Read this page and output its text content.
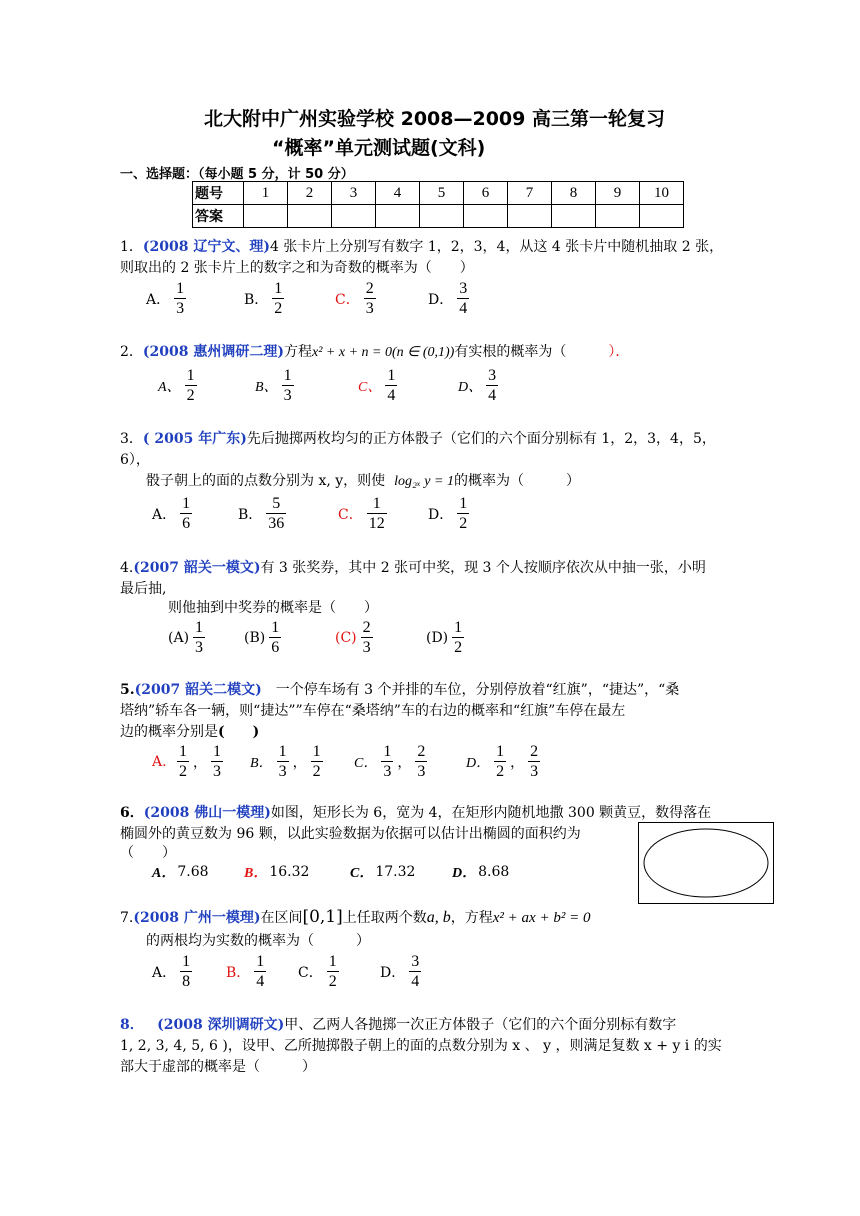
北大附中广州实验学校 2008—2009 高三第一轮复习
“概率”单元测试题(文科)
一、选择题：（每小题 5 分，计 50 分）
题号	1	2	3	4	5	6	7	8	9	10
答案										
1．(2008 辽宁文、理)4 张卡片上分别写有数字 1，2，3，4，从这 4 张卡片中随机抽取 2 张，
则取出的 2 张卡片上的数字之和为奇数的概率为（　　）
A． $\frac{1}{3}$	B． $\frac{1}{2}$	C． $\frac{2}{3}$	D． $\frac{3}{4}$
2．(2008 惠州调研二理)方程x² + x + n = 0(n ∈ (0,1))有实根的概率为（	）．
A、 $\frac{1}{2}$	B、 $\frac{1}{3}$	C、 $\frac{1}{4}$	D、 $\frac{3}{4}$
3．( 2005 年广东)先后抛掷两枚均匀的正方体骰子（它们的六个面分别标有 1，2，3，4，5，
6），
骰子朝上的面的点数分别为 x, y，则使 log₂ₓ y = 1的概率为（　　　）
A． $\frac{1}{6}$	B． $\frac{5}{36}$	C． $\frac{1}{12}$	D． $\frac{1}{2}$
4.(2007 韶关一模文)有 3 张奖券，其中 2 张可中奖，现 3 个人按顺序依次从中抽一张，小明
最后抽,
则他抽到中奖券的概率是（　　）
$(A) \frac{1}{3}$	$(B) \frac{1}{6}$	$(C) \frac{2}{3}$	$(D) \frac{1}{2}$
5.(2007 韶关二模文)　一个停车场有 3 个并排的车位，分别停放着“红旗”，“捷达”，“桑
塔纳”轿车各一辆，则“捷达””车停在“桑塔纳”车的右边的概率和“红旗”车停在最左
边的概率分别是(　　)
A.
$\frac{1}{2}$ ， $\frac{1}{3}$ B． $\frac{1}{3}$ ， $\frac{1}{2}$ C． $\frac{1}{3}$ ， $\frac{2}{3}$	D． $\frac{1}{2}$ ， $\frac{2}{3}$
6．(2008 佛山一模理)如图，矩形长为 6，宽为 4，在矩形内随机地撒 300 颗黄豆，数得落在
椭圆外的黄豆数为 96 颗，以此实验数据为依据可以估计出椭圆的面积约为
（　　）
A． 7.68	B． 16.32	C． 17.32	D． 8.68
7.(2008 广州一模理)在区间[0,1]上任取两个数a, b，方程x² + ax + b² = 0
的两根均为实数的概率为（　　　）
A． $\frac{1}{8}$ B． $\frac{1}{4}$ C． $\frac{1}{2}$	D． $\frac{3}{4}$
8． (2008 深圳调研文)甲、乙两人各抛掷一次正方体骰子（它们的六个面分别标有数字
1, 2, 3, 4, 5, 6 )，设甲、乙所抛掷骰子朝上的面的点数分别为 x 、 y ，则满足复数 x + y i 的实
部大于虚部的概率是（　　　）
